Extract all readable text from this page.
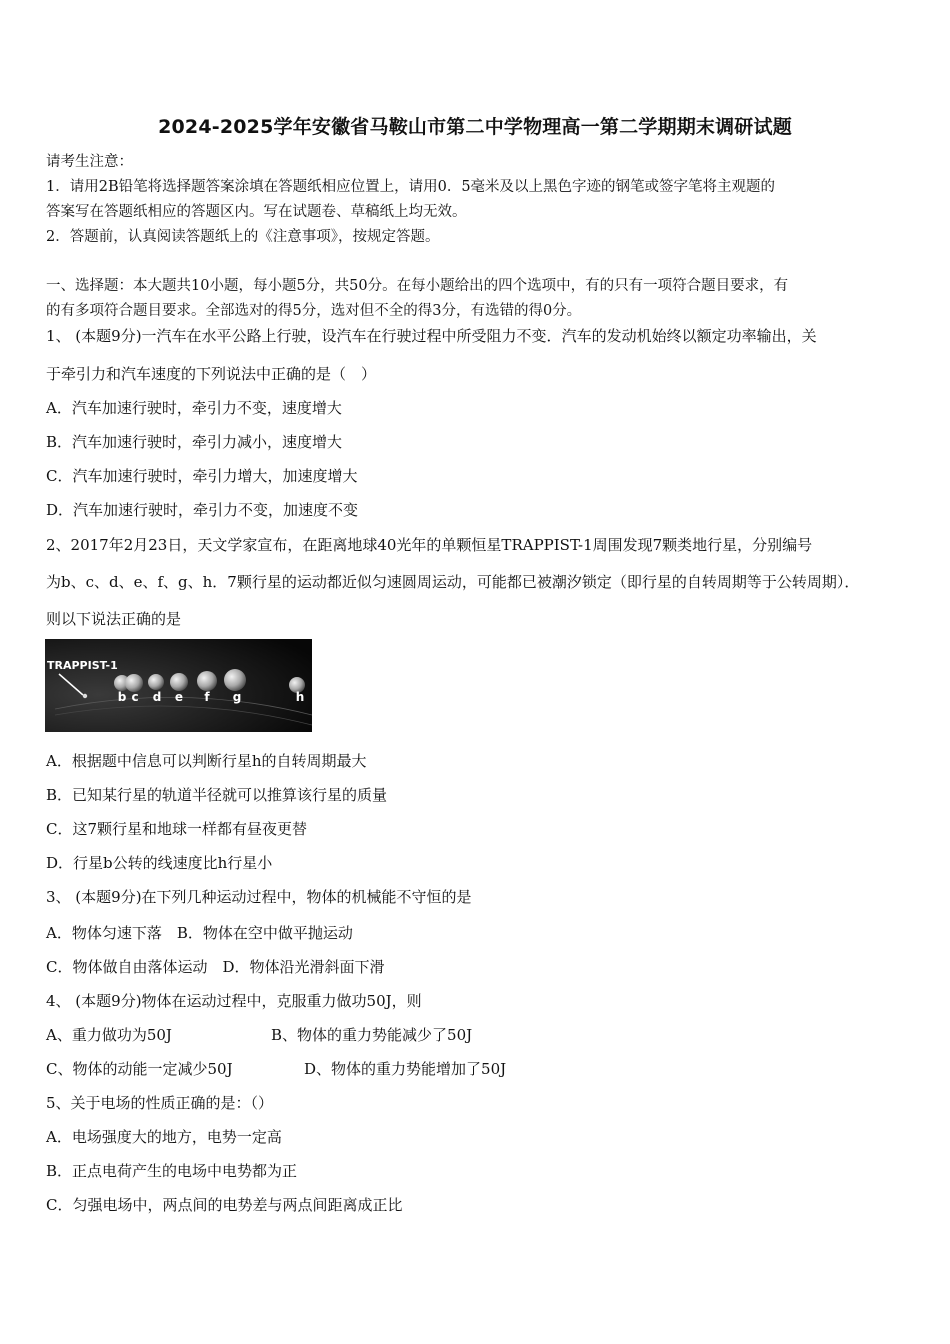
2024-2025学年安徽省马鞍山市第二中学物理高一第二学期期末调研试题
请考生注意：
1．请用2B铅笔将选择题答案涂填在答题纸相应位置上，请用0．5毫米及以上黑色字迹的钢笔或签字笔将主观题的
答案写在答题纸相应的答题区内。写在试题卷、草稿纸上均无效。
2．答题前，认真阅读答题纸上的《注意事项》，按规定答题。
一、选择题：本大题共10小题，每小题5分，共50分。在每小题给出的四个选项中，有的只有一项符合题目要求，有
的有多项符合题目要求。全部选对的得5分，选对但不全的得3分，有选错的得0分。
1、 (本题9分)一汽车在水平公路上行驶，设汽车在行驶过程中所受阻力不变．汽车的发动机始终以额定功率输出，关
于牵引力和汽车速度的下列说法中正确的是（　）
A．汽车加速行驶时，牵引力不变，速度增大
B．汽车加速行驶时，牵引力减小，速度增大
C．汽车加速行驶时，牵引力增大，加速度增大
D．汽车加速行驶时，牵引力不变，加速度不变
2、2017年2月23日，天文学家宣布，在距离地球40光年的单颗恒星TRAPPIST-1周围发现7颗类地行星，分别编号
为b、c、d、e、f、g、h．7颗行星的运动都近似匀速圆周运动，可能都已被潮汐锁定（即行星的自转周期等于公转周期）．
则以下说法正确的是
TRAPPIST-1
b c d e f g	h
A．根据题中信息可以判断行星h的自转周期最大
B．已知某行星的轨道半径就可以推算该行星的质量
C．这7颗行星和地球一样都有昼夜更替
D．行星b公转的线速度比h行星小
3、 (本题9分)在下列几种运动过程中，物体的机械能不守恒的是
A．物体匀速下落　B．物体在空中做平抛运动
C．物体做自由落体运动　D．物体沿光滑斜面下滑
4、 (本题9分)物体在运动过程中，克服重力做功50J，则
A、重力做功为50J	B、物体的重力势能减少了50J
C、物体的动能一定减少50J	D、物体的重力势能增加了50J
5、关于电场的性质正确的是：（）
A．电场强度大的地方，电势一定高
B．正点电荷产生的电场中电势都为正
C．匀强电场中，两点间的电势差与两点间距离成正比
